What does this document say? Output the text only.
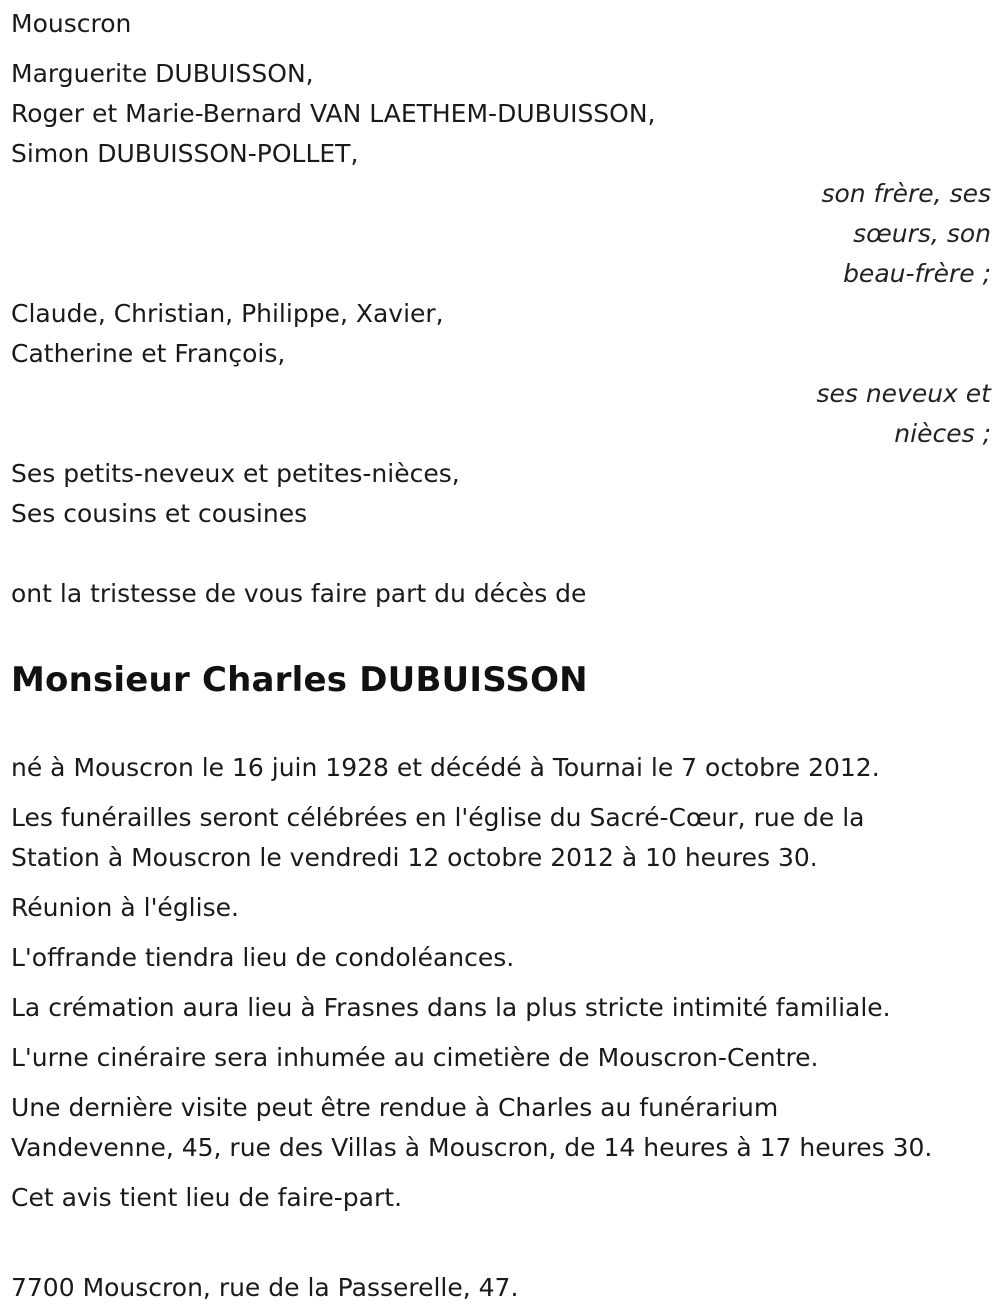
Mouscron
Marguerite DUBUISSON,
Roger et Marie-Bernard VAN LAETHEM-DUBUISSON,
Simon DUBUISSON-POLLET,
son frère, ses
sœurs, son
beau-frère ;
Claude, Christian, Philippe, Xavier,
Catherine et François,
ses neveux et
nièces ;
Ses petits-neveux et petites-nièces,
Ses cousins et cousines
ont la tristesse de vous faire part du décès de
Monsieur Charles DUBUISSON

né à Mouscron le 16 juin 1928 et décédé à Tournai le 7 octobre 2012.

Les funérailles seront célébrées en l'église du Sacré-Cœur, rue de la
Station à Mouscron le vendredi 12 octobre 2012 à 10 heures 30.

Réunion à l'église.

L'offrande tiendra lieu de condoléances.

La crémation aura lieu à Frasnes dans la plus stricte intimité familiale.

L'urne cinéraire sera inhumée au cimetière de Mouscron-Centre.

Une dernière visite peut être rendue à Charles au funérarium
Vandevenne, 45, rue des Villas à Mouscron, de 14 heures à 17 heures 30.

Cet avis tient lieu de faire-part.

7700 Mouscron, rue de la Passerelle, 47.
